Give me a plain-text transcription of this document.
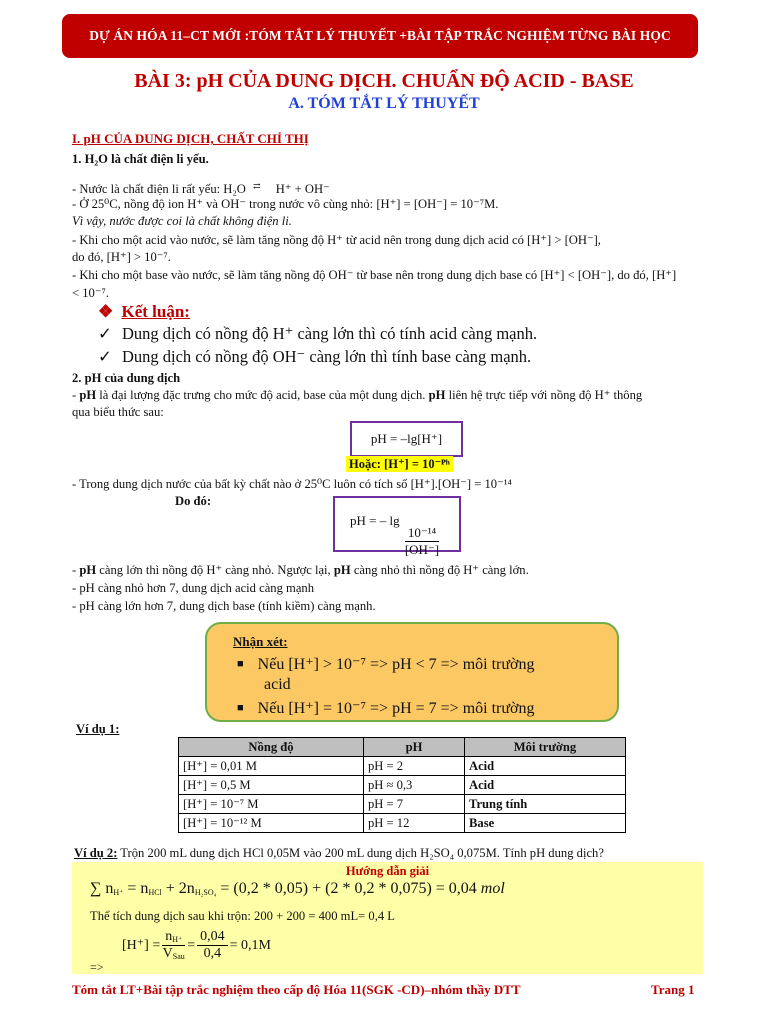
DỰ ÁN HÓA 11–CT MỚI :TÓM TẮT LÝ THUYẾT +BÀI TẬP TRẮC NGHIỆM TỪNG BÀI HỌC
BÀI 3: pH CỦA DUNG DỊCH. CHUẨN ĐỘ ACID - BASE
A. TÓM TẮT LÝ THUYẾT
I. pH CỦA DUNG DỊCH, CHẤT CHỈ THỊ
1. H₂O là chất điện li yếu.
- Nước là chất điện li rất yếu: H₂O ⇄ H⁺ + OH⁻
- Ở 25⁰C, nồng độ ion H⁺ và OH⁻ trong nước vô cùng nhỏ: [H⁺] = [OH⁻] = 10⁻⁷M.
Vì vậy, nước được coi là chất không điện li.
- Khi cho một acid vào nước, sẽ làm tăng nồng độ H⁺ từ acid nên trong dung dịch acid có [H⁺] > [OH⁻],
do đó, [H⁺] > 10⁻⁷.
- Khi cho một base vào nước, sẽ làm tăng nồng độ OH⁻ từ base nên trong dung dịch base có [H⁺] < [OH⁻], do đó, [H⁺]
< 10⁻⁷.
❖ Kết luận:
✓ Dung dịch có nồng độ H⁺ càng lớn thì có tính acid càng mạnh.
✓ Dung dịch có nồng độ OH⁻ càng lớn thì tính base càng mạnh.
2. pH của dung dịch
- pH là đại lượng đặc trưng cho mức độ acid, base của một dung dịch. pH liên hệ trực tiếp với nồng độ H⁺ thông
qua biểu thức sau:
pH = –lg[H⁺]
Hoặc: [H⁺] = 10⁻ᴾʰ
- Trong dung dịch nước của bất kỳ chất nào ở 25⁰C luôn có tích số [H⁺].[OH⁻] = 10⁻¹⁴
Do đó:
pH = – lg
$\frac{\text{10⁻¹⁴}}{[OH^-]}$
- pH càng lớn thì nồng độ H⁺ càng nhỏ. Ngược lại, pH càng nhỏ thì nồng độ H⁺ càng lớn.
- pH càng nhỏ hơn 7, dung dịch acid càng mạnh
- pH càng lớn hơn 7, dung dịch base (tính kiềm) càng mạnh.
Nhận xét:
■ Nếu [H⁺] > 10⁻⁷ => pH < 7 => môi trường
acid
■ Nếu [H⁺] = 10⁻⁷ => pH = 7 => môi trường
Ví dụ 1:
Nồng độ	pH	Môi trường
[H⁺] = 0,01 M	pH = 2	Acid
[H⁺] = 0,5 M	pH ≈ 0,3	Acid
[H⁺] = 10⁻⁷ M	pH = 7	Trung tính
[H⁺] = 10⁻¹² M	pH = 12	Base
Ví dụ 2: Trộn 200 mL dung dịch HCl 0,05M vào 200 mL dung dịch H₂SO₄ 0,075M. Tính pH dung dịch?
Hướng dẫn giải
∑ $n_{H^+} = n_{HCl} + 2n_{H_2SO_4} = (0,2 * 0,05) + (2 * 0,2 * 0,075) = 0,04$ mol
Thể tích dung dịch sau khi trộn: 200 + 200 = 400 mL= 0,4 L
$[H^+] = \frac{n_{H^+}}{V_{Sau}} = \frac{0,04}{0,4} = 0,1M$
=>
Tóm tắt LT+Bài tập trắc nghiệm theo cấp độ Hóa 11(SGK -CD)–nhóm thầy DTT	Trang 1
